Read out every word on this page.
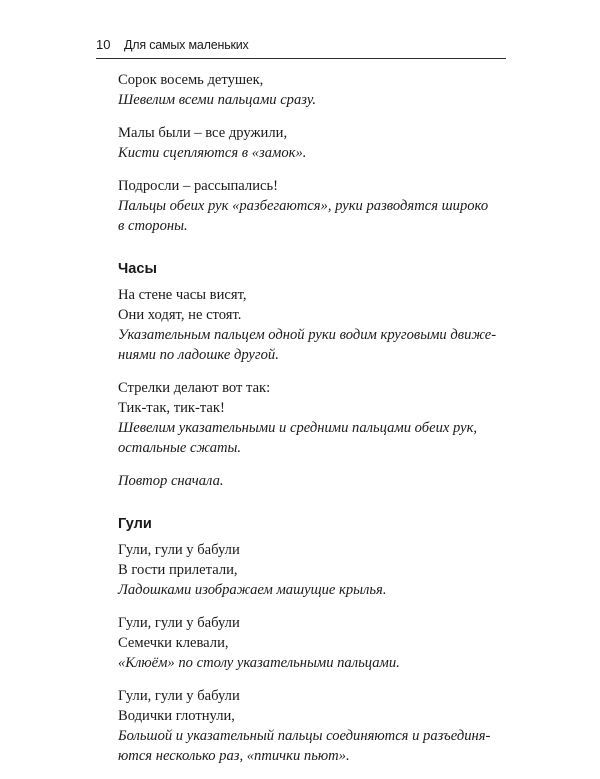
10 Для самых маленьких
Сорок восемь детушек,
Шевелим всеми пальцами сразу.
Малы были – все дружили,
Кисти сцепляются в «замок».
Подросли – рассыпались!
Пальцы обеих рук «разбегаются», руки разводятся широко
в стороны.
Часы
На стене часы висят,
Они ходят, не стоят.
Указательным пальцем одной руки водим круговыми движе-
ниями по ладошке другой.
Стрелки делают вот так:
Тик-так, тик-так!
Шевелим указательными и средними пальцами обеих рук,
остальные сжаты.
Повтор сначала.
Гули
Гули, гули у бабули
В гости прилетали,
Ладошками изображаем машущие крылья.
Гули, гули у бабули
Семечки клевали,
«Клюём» по столу указательными пальцами.
Гули, гули у бабули
Водички глотнули,
Большой и указательный пальцы соединяются и разъединя-
ются несколько раз, «птички пьют».
